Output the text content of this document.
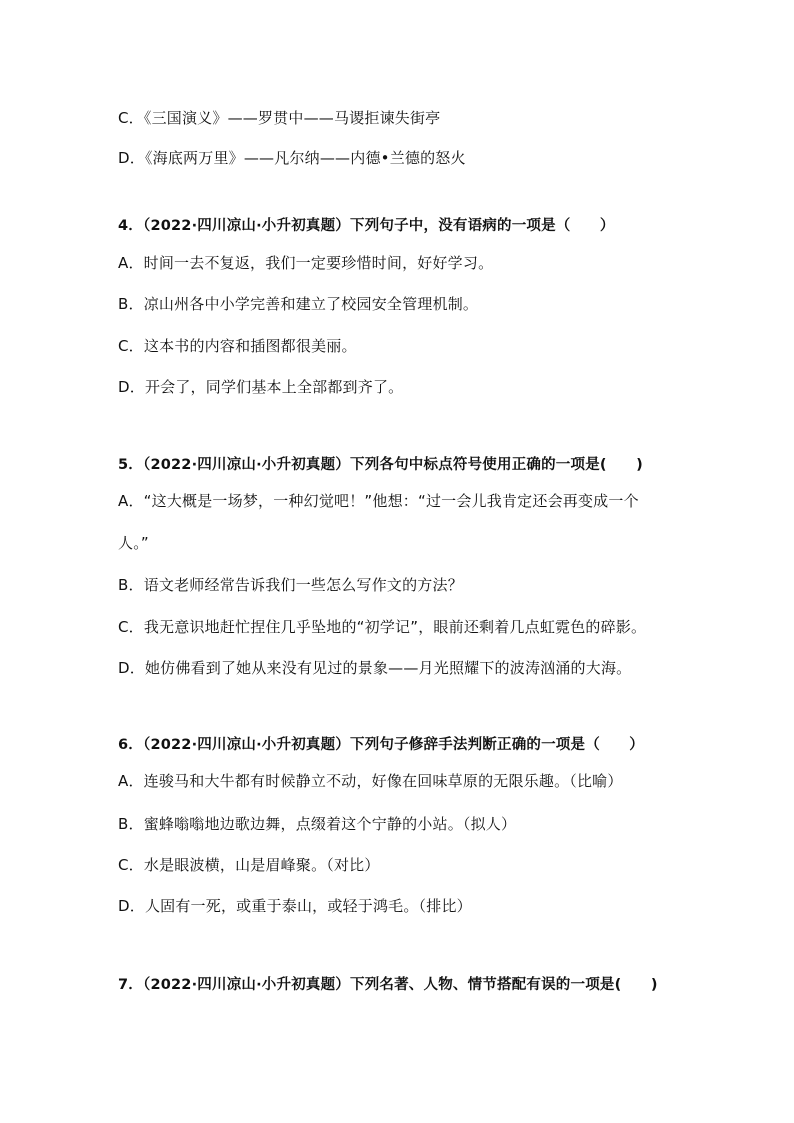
C．《三国演义》——罗贯中——马谡拒谏失街亭
D．《海底两万里》——凡尔纳——内德•兰德的怒火
4．（2022·四川凉山·小升初真题）下列句子中，没有语病的一项是（　　）
A．时间一去不复返，我们一定要珍惜时间，好好学习。
B．凉山州各中小学完善和建立了校园安全管理机制。
C．这本书的内容和插图都很美丽。
D．开会了，同学们基本上全部都到齐了。
5．（2022·四川凉山·小升初真题）下列各句中标点符号使用正确的一项是(　　)
A．“这大概是一场梦，一种幻觉吧！”他想：“过一会儿我肯定还会再变成一个
人。”
B．语文老师经常告诉我们一些怎么写作文的方法？
C．我无意识地赶忙捏住几乎坠地的“初学记”，眼前还剩着几点虹霓色的碎影。
D．她仿佛看到了她从来没有见过的景象——月光照耀下的波涛汹涌的大海。
6．（2022·四川凉山·小升初真题）下列句子修辞手法判断正确的一项是（　　）
A．连骏马和大牛都有时候静立不动，好像在回味草原的无限乐趣。（比喻）
B．蜜蜂嗡嗡地边歌边舞，点缀着这个宁静的小站。（拟人）
C．水是眼波横，山是眉峰聚。（对比）
D．人固有一死，或重于泰山，或轻于鸿毛。（排比）
7．（2022·四川凉山·小升初真题）下列名著、人物、情节搭配有误的一项是(　　)
